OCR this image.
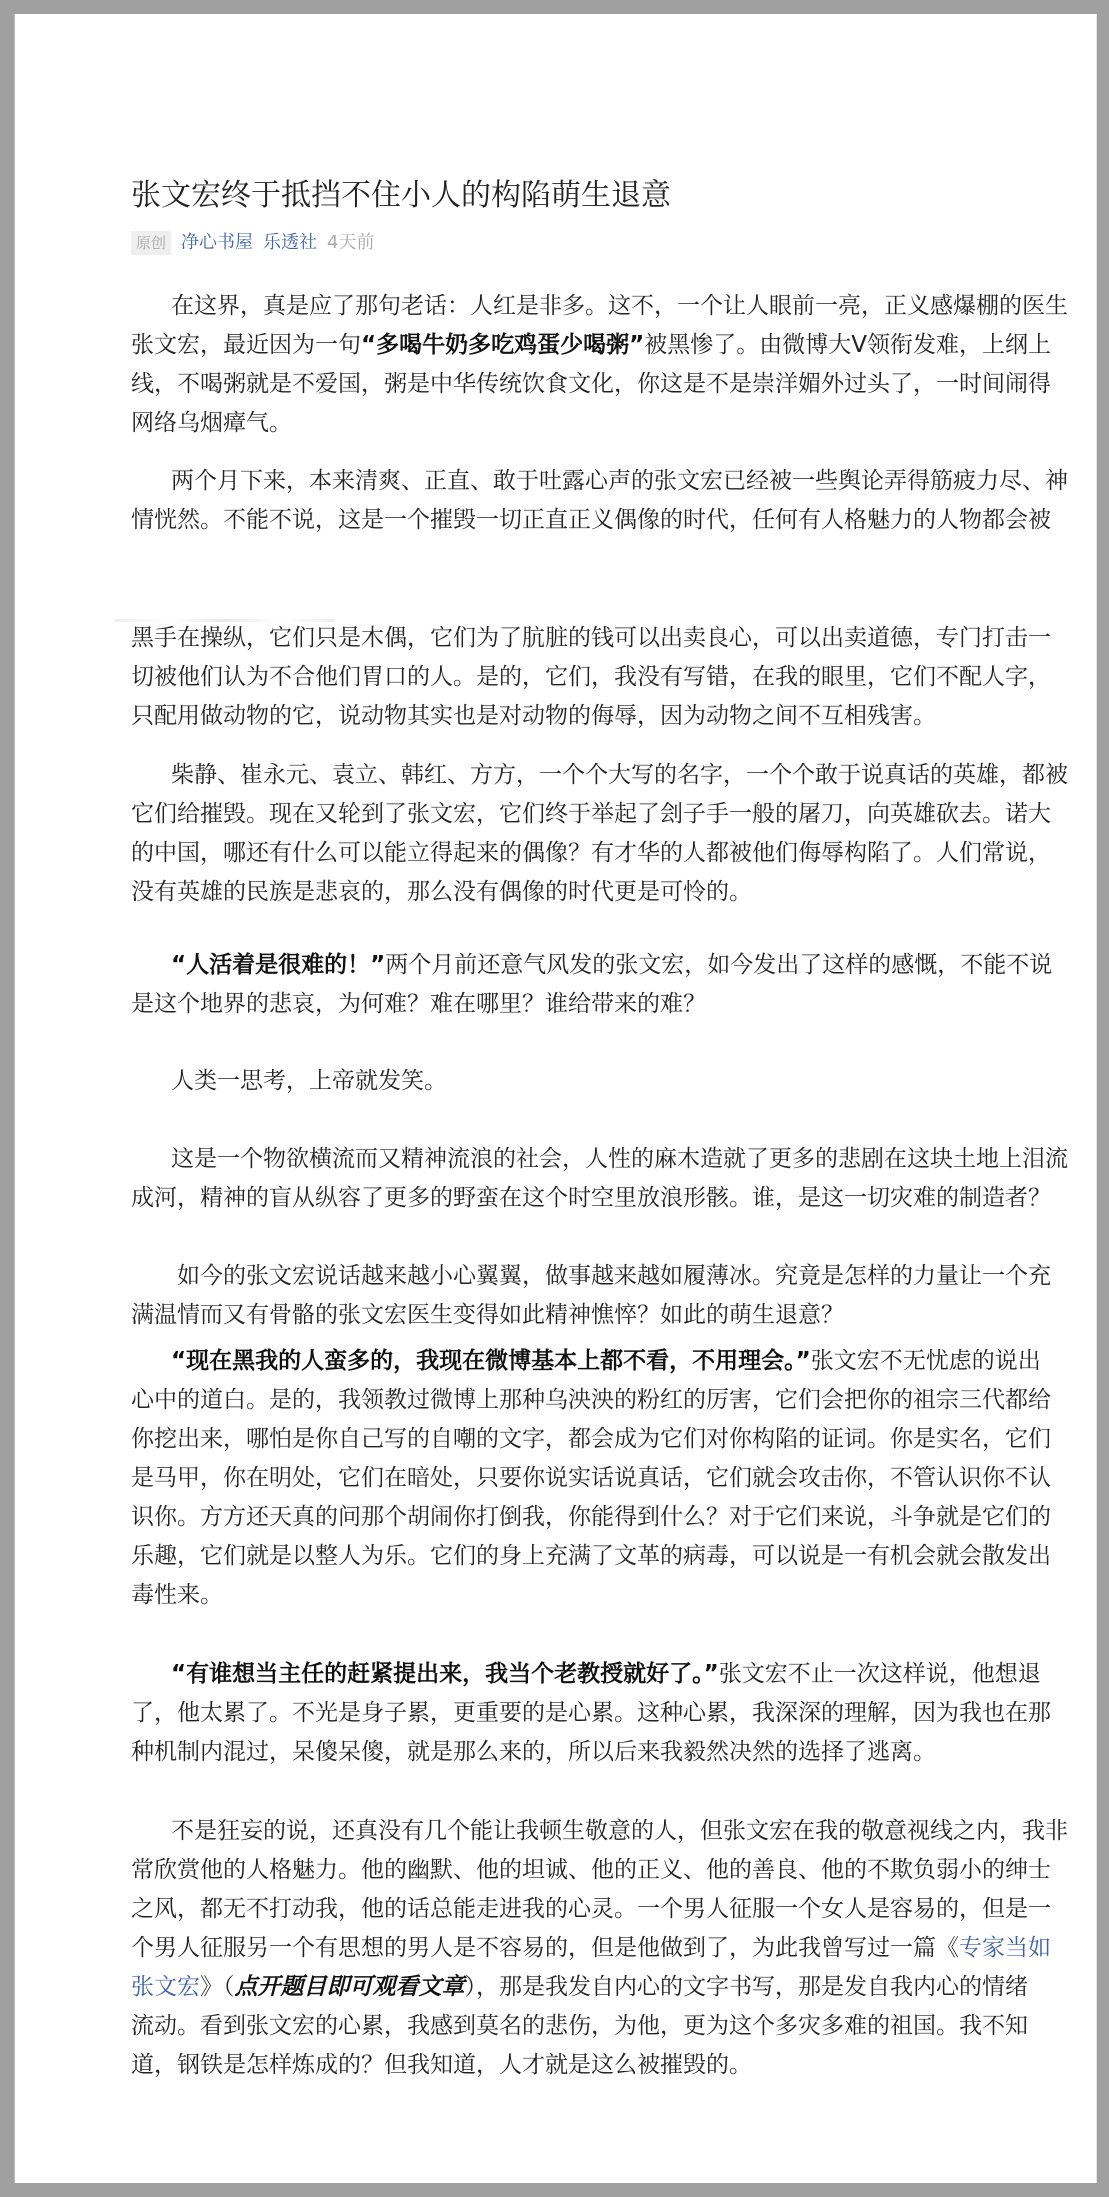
张文宏终于抵挡不住小人的构陷萌生退意
原创 净心书屋 乐透社 4天前
在这界，真是应了那句老话：人红是非多。这不，一个让人眼前一亮，正义感爆棚的医生
张文宏，最近因为一句“多喝牛奶多吃鸡蛋少喝粥”被黑惨了。由微博大V领衔发难，上纲上
线，不喝粥就是不爱国，粥是中华传统饮食文化，你这是不是崇洋媚外过头了，一时间闹得
网络乌烟瘴气。
两个月下来，本来清爽、正直、敢于吐露心声的张文宏已经被一些舆论弄得筋疲力尽、神
情恍然。不能不说，这是一个摧毁一切正直正义偶像的时代，任何有人格魅力的人物都会被
黑手在操纵，它们只是木偶，它们为了肮脏的钱可以出卖良心，可以出卖道德，专门打击一
切被他们认为不合他们胃口的人。是的，它们，我没有写错，在我的眼里，它们不配人字，
只配用做动物的它，说动物其实也是对动物的侮辱，因为动物之间不互相残害。
柴静、崔永元、袁立、韩红、方方，一个个大写的名字，一个个敢于说真话的英雄，都被
它们给摧毁。现在又轮到了张文宏，它们终于举起了刽子手一般的屠刀，向英雄砍去。诺大
的中国，哪还有什么可以能立得起来的偶像？有才华的人都被他们侮辱构陷了。人们常说，
没有英雄的民族是悲哀的，那么没有偶像的时代更是可怜的。
“人活着是很难的！”两个月前还意气风发的张文宏，如今发出了这样的感慨，不能不说
是这个地界的悲哀，为何难？难在哪里？谁给带来的难？
人类一思考，上帝就发笑。
这是一个物欲横流而又精神流浪的社会，人性的麻木造就了更多的悲剧在这块土地上泪流
成河，精神的盲从纵容了更多的野蛮在这个时空里放浪形骸。谁，是这一切灾难的制造者？
如今的张文宏说话越来越小心翼翼，做事越来越如履薄冰。究竟是怎样的力量让一个充
满温情而又有骨骼的张文宏医生变得如此精神憔悴？如此的萌生退意？
“现在黑我的人蛮多的，我现在微博基本上都不看，不用理会。”张文宏不无忧虑的说出
心中的道白。是的，我领教过微博上那种乌泱泱的粉红的厉害，它们会把你的祖宗三代都给
你挖出来，哪怕是你自己写的自嘲的文字，都会成为它们对你构陷的证词。你是实名，它们
是马甲，你在明处，它们在暗处，只要你说实话说真话，它们就会攻击你，不管认识你不认
识你。方方还天真的问那个胡闹你打倒我，你能得到什么？对于它们来说，斗争就是它们的
乐趣，它们就是以整人为乐。它们的身上充满了文革的病毒，可以说是一有机会就会散发出
毒性来。
“有谁想当主任的赶紧提出来，我当个老教授就好了。”张文宏不止一次这样说，他想退
了，他太累了。不光是身子累，更重要的是心累。这种心累，我深深的理解，因为我也在那
种机制内混过，呆傻呆傻，就是那么来的，所以后来我毅然决然的选择了逃离。
不是狂妄的说，还真没有几个能让我顿生敬意的人，但张文宏在我的敬意视线之内，我非
常欣赏他的人格魅力。他的幽默、他的坦诚、他的正义、他的善良、他的不欺负弱小的绅士
之风，都无不打动我，他的话总能走进我的心灵。一个男人征服一个女人是容易的，但是一
个男人征服另一个有思想的男人是不容易的，但是他做到了，为此我曾写过一篇《专家当如
张文宏》（点开题目即可观看文章），那是我发自内心的文字书写，那是发自我内心的情绪
流动。看到张文宏的心累，我感到莫名的悲伤，为他，更为这个多灾多难的祖国。我不知
道，钢铁是怎样炼成的？但我知道，人才就是这么被摧毁的。
